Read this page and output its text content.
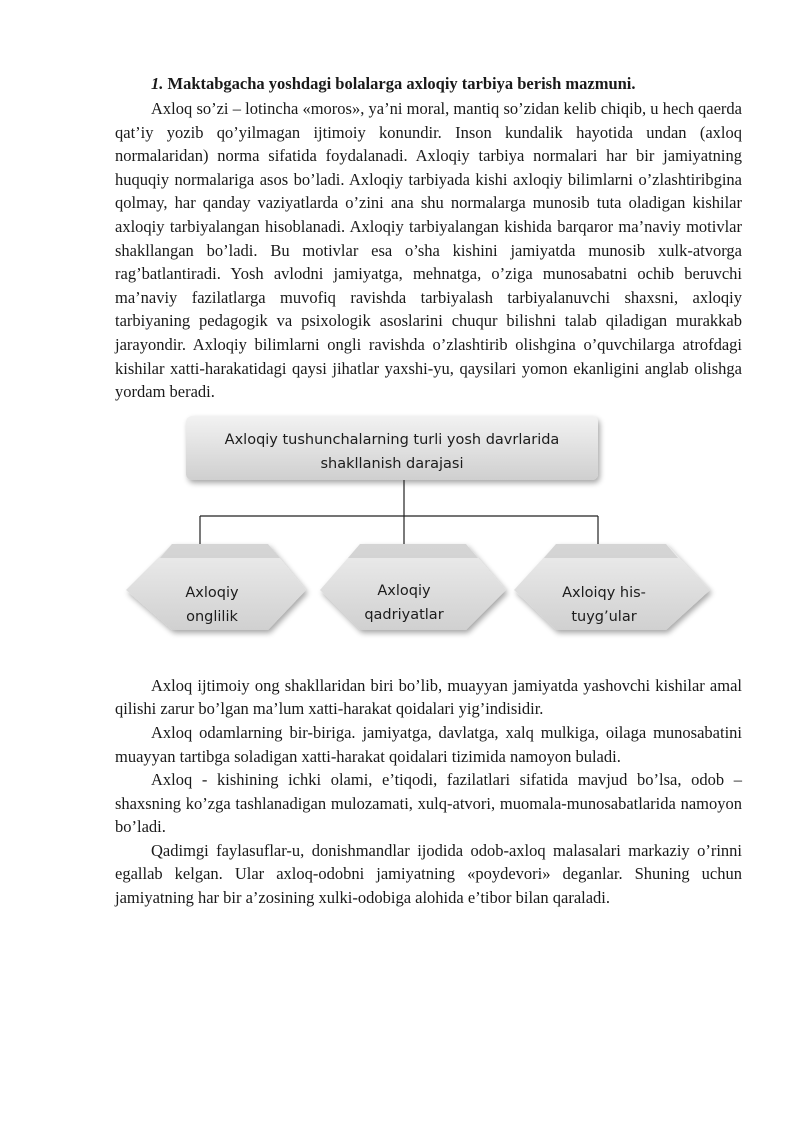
1. Maktabgacha yoshdagi bolalarga axloqiy tarbiya berish mazmuni.

Axloq so’zi – lotincha «moros», ya’ni moral, mantiq so’zidan kelib chiqib, u hech qaerda qat’iy yozib qo’yilmagan ijtimoiy konundir. Inson kundalik hayotida undan (axloq normalaridan) norma sifatida foydalanadi. Axloqiy tarbiya normalari har bir jamiyatning huquqiy normalariga asos bo’ladi. Axloqiy tarbiyada kishi axloqiy bilimlarni o’zlashtiribgina qolmay, har qanday vaziyatlarda o’zini ana shu normalarga munosib tuta oladigan kishilar axloqiy tarbiyalangan hisoblanadi. Axloqiy tarbiyalangan kishida barqaror ma’naviy motivlar shakllangan bo’ladi. Bu motivlar esa o’sha kishini jamiyatda munosib xulk-atvorga rag’batlantiradi. Yosh avlodni jamiyatga, mehnatga, o’ziga munosabatni ochib beruvchi ma’naviy fazilatlarga muvofiq ravishda tarbiyalash tarbiyalanuvchi shaxsni, axloqiy tarbiyaning pedagogik va psixologik asoslarini chuqur bilishni talab qiladigan murakkab jarayondir. Axloqiy bilimlarni ongli ravishda o’zlashtirib olishgina o’quvchilarga atrofdagi kishilar xatti-harakatidagi qaysi jihatlar yaxshi-yu, qaysilari yomon ekanligini anglab olishga yordam beradi.

Axloqiy tushunchalarning turli yosh davrlarida
shakllanish darajasi
Axloqiy
onglilik
Axloqiy
qadriyatlar
Axloiqy his-
tuyg’ular

Axloq ijtimoiy ong shakllaridan biri bo’lib, muayyan jamiyatda yashovchi kishilar amal qilishi zarur bo’lgan ma’lum xatti-harakat qoidalari yig’indisidir.

Axloq odamlarning bir-biriga. jamiyatga, davlatga, xalq mulkiga, oilaga munosabatini muayyan tartibga soladigan xatti-harakat qoidalari tizimida namoyon buladi.

Axloq - kishining ichki olami, e’tiqodi, fazilatlari sifatida mavjud bo’lsa, odob – shaxsning ko’zga tashlanadigan mulozamati, xulq-atvori, muomala-munosabatlarida namoyon bo’ladi.

Qadimgi faylasuflar-u, donishmandlar ijodida odob-axloq malasalari markaziy o’rinni egallab kelgan. Ular axloq-odobni jamiyatning «poydevori» deganlar. Shuning uchun jamiyatning har bir a’zosining xulki-odobiga alohida e’tibor bilan qaraladi.
